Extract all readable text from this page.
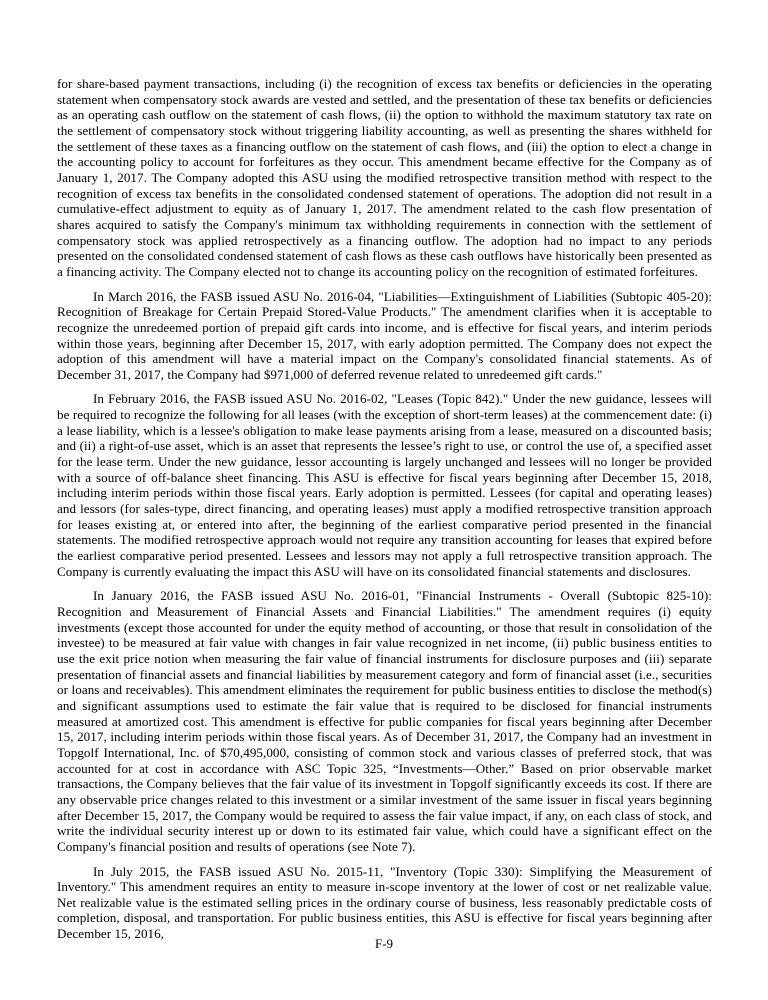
for share-based payment transactions, including (i) the recognition of excess tax benefits or deficiencies in the operating statement when compensatory stock awards are vested and settled, and the presentation of these tax benefits or deficiencies as an operating cash outflow on the statement of cash flows, (ii) the option to withhold the maximum statutory tax rate on the settlement of compensatory stock without triggering liability accounting, as well as presenting the shares withheld for the settlement of these taxes as a financing outflow on the statement of cash flows, and (iii) the option to elect a change in the accounting policy to account for forfeitures as they occur. This amendment became effective for the Company as of January 1, 2017. The Company adopted this ASU using the modified retrospective transition method with respect to the recognition of excess tax benefits in the consolidated condensed statement of operations. The adoption did not result in a cumulative-effect adjustment to equity as of January 1, 2017. The amendment related to the cash flow presentation of shares acquired to satisfy the Company's minimum tax withholding requirements in connection with the settlement of compensatory stock was applied retrospectively as a financing outflow. The adoption had no impact to any periods presented on the consolidated condensed statement of cash flows as these cash outflows have historically been presented as a financing activity. The Company elected not to change its accounting policy on the recognition of estimated forfeitures.

In March 2016, the FASB issued ASU No. 2016-04, "Liabilities—Extinguishment of Liabilities (Subtopic 405-20): Recognition of Breakage for Certain Prepaid Stored-Value Products." The amendment clarifies when it is acceptable to recognize the unredeemed portion of prepaid gift cards into income, and is effective for fiscal years, and interim periods within those years, beginning after December 15, 2017, with early adoption permitted. The Company does not expect the adoption of this amendment will have a material impact on the Company's consolidated financial statements. As of December 31, 2017, the Company had $971,000 of deferred revenue related to unredeemed gift cards."

In February 2016, the FASB issued ASU No. 2016-02, "Leases (Topic 842)." Under the new guidance, lessees will be required to recognize the following for all leases (with the exception of short-term leases) at the commencement date: (i) a lease liability, which is a lessee's obligation to make lease payments arising from a lease, measured on a discounted basis; and (ii) a right-of-use asset, which is an asset that represents the lessee’s right to use, or control the use of, a specified asset for the lease term. Under the new guidance, lessor accounting is largely unchanged and lessees will no longer be provided with a source of off-balance sheet financing. This ASU is effective for fiscal years beginning after December 15, 2018, including interim periods within those fiscal years. Early adoption is permitted. Lessees (for capital and operating leases) and lessors (for sales-type, direct financing, and operating leases) must apply a modified retrospective transition approach for leases existing at, or entered into after, the beginning of the earliest comparative period presented in the financial statements. The modified retrospective approach would not require any transition accounting for leases that expired before the earliest comparative period presented. Lessees and lessors may not apply a full retrospective transition approach. The Company is currently evaluating the impact this ASU will have on its consolidated financial statements and disclosures.

In January 2016, the FASB issued ASU No. 2016-01, "Financial Instruments - Overall (Subtopic 825-10): Recognition and Measurement of Financial Assets and Financial Liabilities." The amendment requires (i) equity investments (except those accounted for under the equity method of accounting, or those that result in consolidation of the investee) to be measured at fair value with changes in fair value recognized in net income, (ii) public business entities to use the exit price notion when measuring the fair value of financial instruments for disclosure purposes and (iii) separate presentation of financial assets and financial liabilities by measurement category and form of financial asset (i.e., securities or loans and receivables). This amendment eliminates the requirement for public business entities to disclose the method(s) and significant assumptions used to estimate the fair value that is required to be disclosed for financial instruments measured at amortized cost. This amendment is effective for public companies for fiscal years beginning after December 15, 2017, including interim periods within those fiscal years. As of December 31, 2017, the Company had an investment in Topgolf International, Inc. of $70,495,000, consisting of common stock and various classes of preferred stock, that was accounted for at cost in accordance with ASC Topic 325, “Investments—Other.” Based on prior observable market transactions, the Company believes that the fair value of its investment in Topgolf significantly exceeds its cost. If there are any observable price changes related to this investment or a similar investment of the same issuer in fiscal years beginning after December 15, 2017, the Company would be required to assess the fair value impact, if any, on each class of stock, and write the individual security interest up or down to its estimated fair value, which could have a significant effect on the Company's financial position and results of operations (see Note 7).

In July 2015, the FASB issued ASU No. 2015-11, "Inventory (Topic 330): Simplifying the Measurement of Inventory." This amendment requires an entity to measure in-scope inventory at the lower of cost or net realizable value. Net realizable value is the estimated selling prices in the ordinary course of business, less reasonably predictable costs of completion, disposal, and transportation. For public business entities, this ASU is effective for fiscal years beginning after December 15, 2016,

F-9
